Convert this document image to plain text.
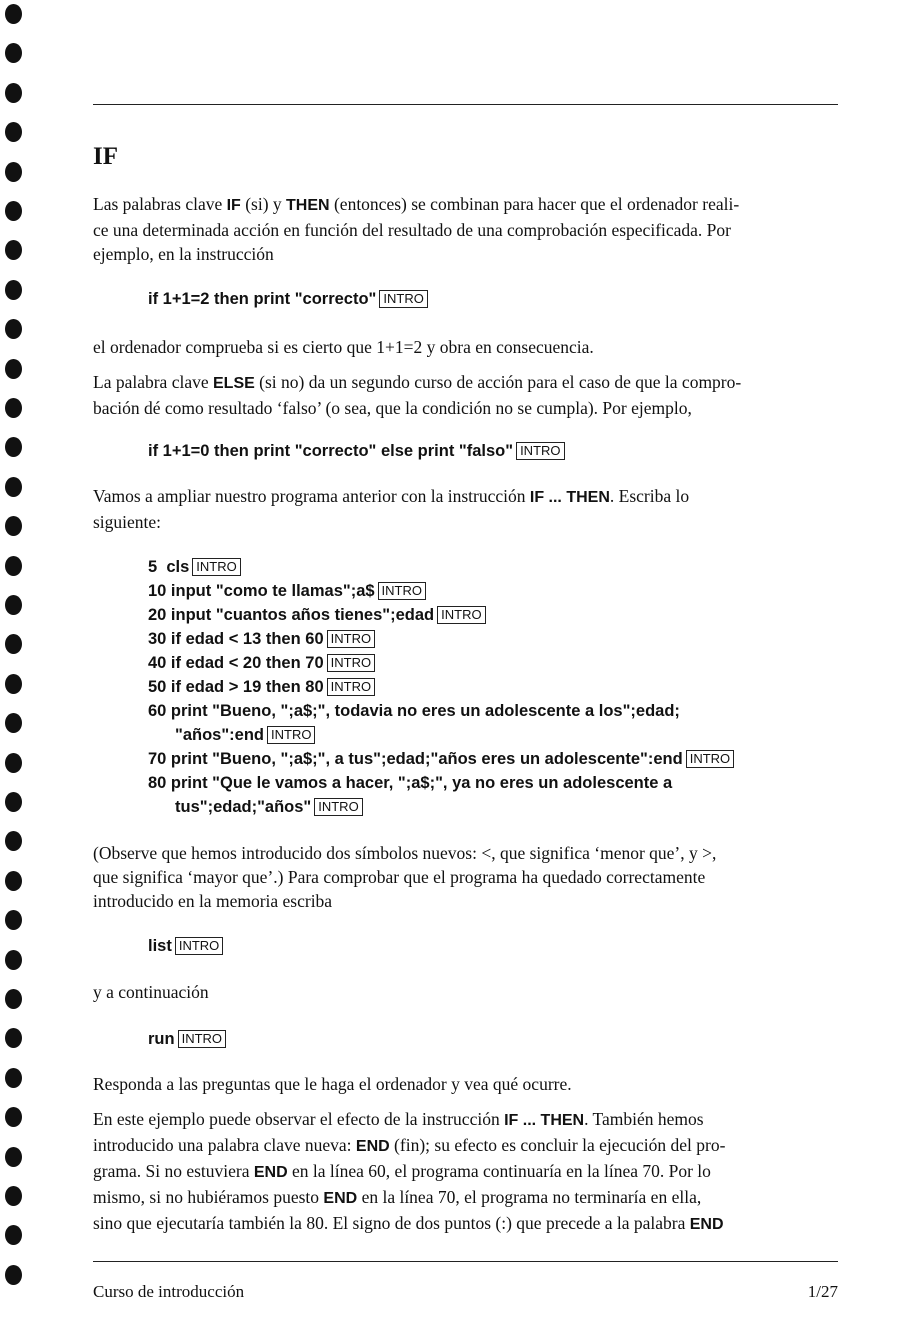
IF
Las palabras clave IF (si) y THEN (entonces) se combinan para hacer que el ordenador reali-
ce una determinada acción en función del resultado de una comprobación especificada. Por
ejemplo, en la instrucción
if 1+1=2 then print "correcto" INTRO
el ordenador comprueba si es cierto que 1+1=2 y obra en consecuencia.
La palabra clave ELSE (si no) da un segundo curso de acción para el caso de que la compro-
bación dé como resultado ‘falso’ (o sea, que la condición no se cumpla). Por ejemplo,
if 1+1=0 then print "correcto" else print "falso" INTRO
Vamos a ampliar nuestro programa anterior con la instrucción IF ... THEN. Escriba lo
siguiente:
5  cls INTRO
10 input "como te llamas";a$ INTRO
20 input "cuantos años tienes";edad INTRO
30 if edad < 13 then 60 INTRO
40 if edad < 20 then 70 INTRO
50 if edad > 19 then 80 INTRO
60 print "Bueno, ";a$;", todavia no eres un adolescente a los";edad;
"años":end INTRO
70 print "Bueno, ";a$;", a tus";edad;"años eres un adolescente":end INTRO
80 print "Que le vamos a hacer, ";a$;", ya no eres un adolescente a
tus";edad;"años" INTRO
(Observe que hemos introducido dos símbolos nuevos: <, que significa ‘menor que’, y >,
que significa ‘mayor que’.) Para comprobar que el programa ha quedado correctamente
introducido en la memoria escriba
list INTRO
y a continuación
run INTRO
Responda a las preguntas que le haga el ordenador y vea qué ocurre.
En este ejemplo puede observar el efecto de la instrucción IF ... THEN. También hemos
introducido una palabra clave nueva: END (fin); su efecto es concluir la ejecución del pro-
grama. Si no estuviera END en la línea 60, el programa continuaría en la línea 70. Por lo
mismo, si no hubiéramos puesto END en la línea 70, el programa no terminaría en ella,
sino que ejecutaría también la 80. El signo de dos puntos (:) que precede a la palabra END
Curso de introducción	1/27
